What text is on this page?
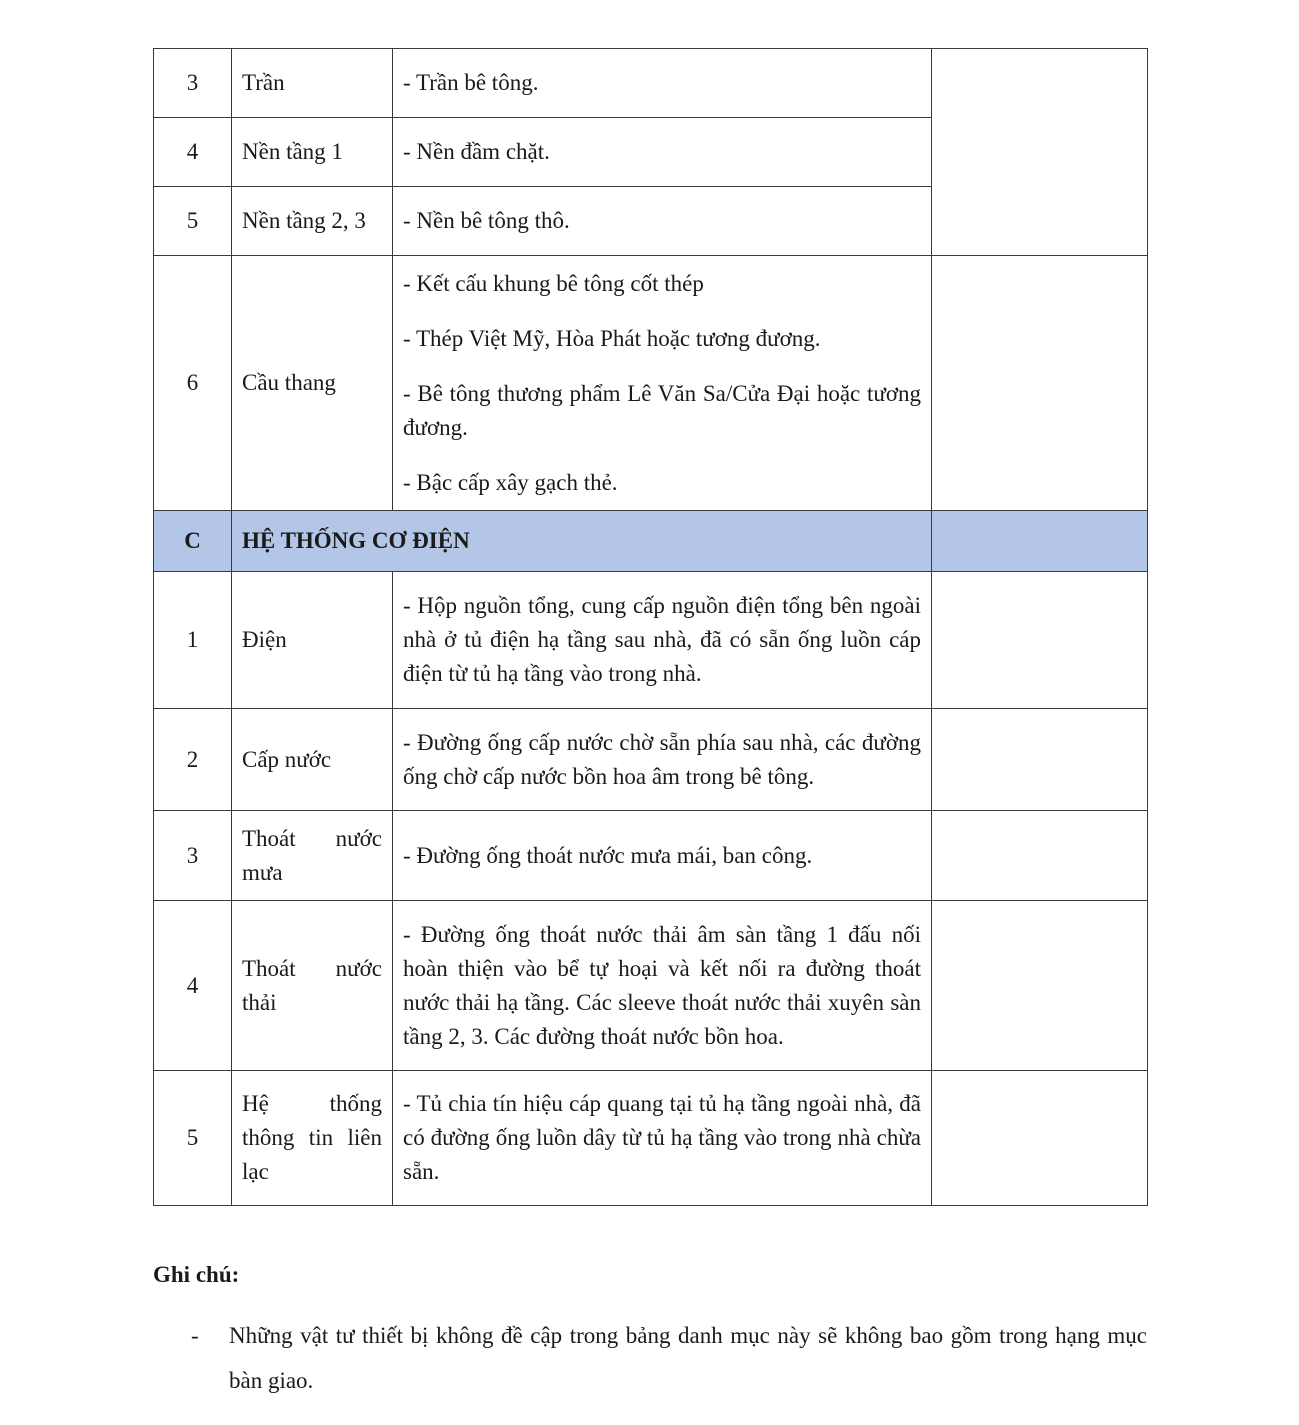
3	Trần	- Trần bê tông.	

4	Nền tầng 1	- Nền đầm chặt.	

5	Nền tầng 2, 3	- Nền bê tông thô.	

6	Cầu thang	- Kết cấu khung bê tông cốt thép

- Thép Việt Mỹ, Hòa Phát hoặc tương đương.

- Bê tông thương phẩm Lê Văn Sa/Cửa Đại hoặc tương đương.

- Bậc cấp xây gạch thẻ.	

C	HỆ THỐNG CƠ ĐIỆN		
1	Điện	- Hộp nguồn tổng, cung cấp nguồn điện tổng bên ngoài nhà ở tủ điện hạ tầng sau nhà, đã có sẵn ống luồn cáp điện từ tủ hạ tầng vào trong nhà.	

2	Cấp nước	- Đường ống cấp nước chờ sẵn phía sau nhà, các đường ống chờ cấp nước bồn hoa âm trong bê tông.	

3	Thoát nước mưa	- Đường ống thoát nước mưa mái, ban công.	

4	Thoát nước thải	- Đường ống thoát nước thải âm sàn tầng 1 đấu nối hoàn thiện vào bể tự hoại và kết nối ra đường thoát nước thải hạ tầng. Các sleeve thoát nước thải xuyên sàn tầng 2, 3. Các đường thoát nước bồn hoa.	

5	Hệ thống thông tin liên lạc	- Tủ chia tín hiệu cáp quang tại tủ hạ tầng ngoài nhà, đã có đường ống luồn dây từ tủ hạ tầng vào trong nhà chừa sẵn.	

Ghi chú:

- Những vật tư thiết bị không đề cập trong bảng danh mục này sẽ không bao gồm trong hạng mục bàn giao.
